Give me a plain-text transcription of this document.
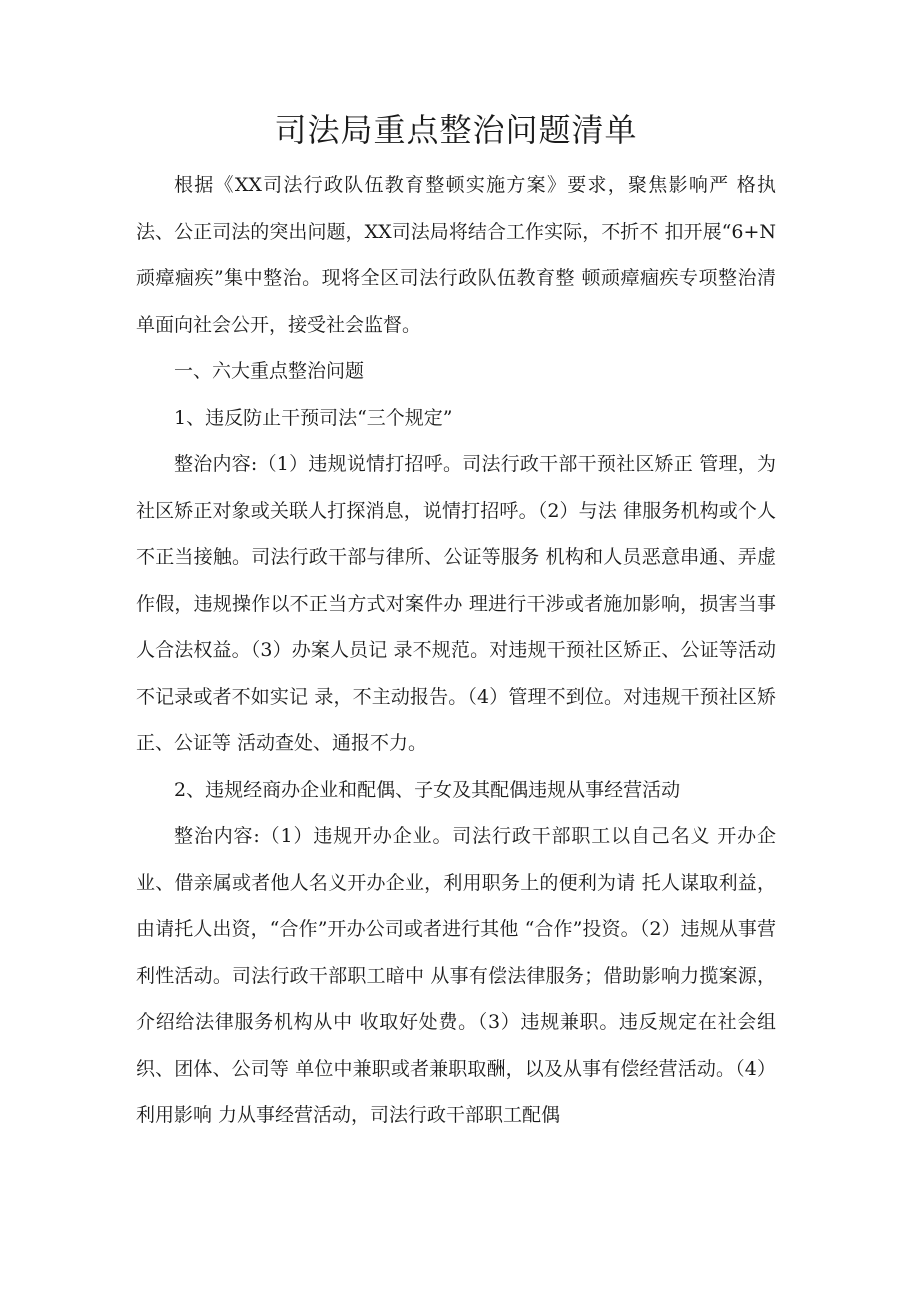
司法局重点整治问题清单

根据《XX司法行政队伍教育整顿实施方案》要求，聚焦影响严 格执法、公正司法的突出问题，XX司法局将结合工作实际，不折不 扣开展“6+N顽瘴痼疾”集中整治。现将全区司法行政队伍教育整 顿顽瘴痼疾专项整治清单面向社会公开，接受社会监督。

一、六大重点整治问题

1、违反防止干预司法“三个规定”

整治内容:（1）违规说情打招呼。司法行政干部干预社区矫正 管理，为社区矫正对象或关联人打探消息，说情打招呼。（2）与法 律服务机构或个人不正当接触。司法行政干部与律所、公证等服务 机构和人员恶意串通、弄虚作假，违规操作以不正当方式对案件办 理进行干涉或者施加影响，损害当事人合法权益。（3）办案人员记 录不规范。对违规干预社区矫正、公证等活动不记录或者不如实记 录，不主动报告。（4）管理不到位。对违规干预社区矫正、公证等 活动查处、通报不力。

2、违规经商办企业和配偶、子女及其配偶违规从事经营活动

整治内容:（1）违规开办企业。司法行政干部职工以自己名义 开办企业、借亲属或者他人名义开办企业，利用职务上的便利为请 托人谋取利益，由请托人出资，“合作”开办公司或者进行其他 “合作”投资。（2）违规从事营利性活动。司法行政干部职工暗中 从事有偿法律服务；借助影响力揽案源，介绍给法律服务机构从中 收取好处费。（3）违规兼职。违反规定在社会组织、团体、公司等 单位中兼职或者兼职取酬，以及从事有偿经营活动。（4）利用影响 力从事经营活动，司法行政干部职工配偶
